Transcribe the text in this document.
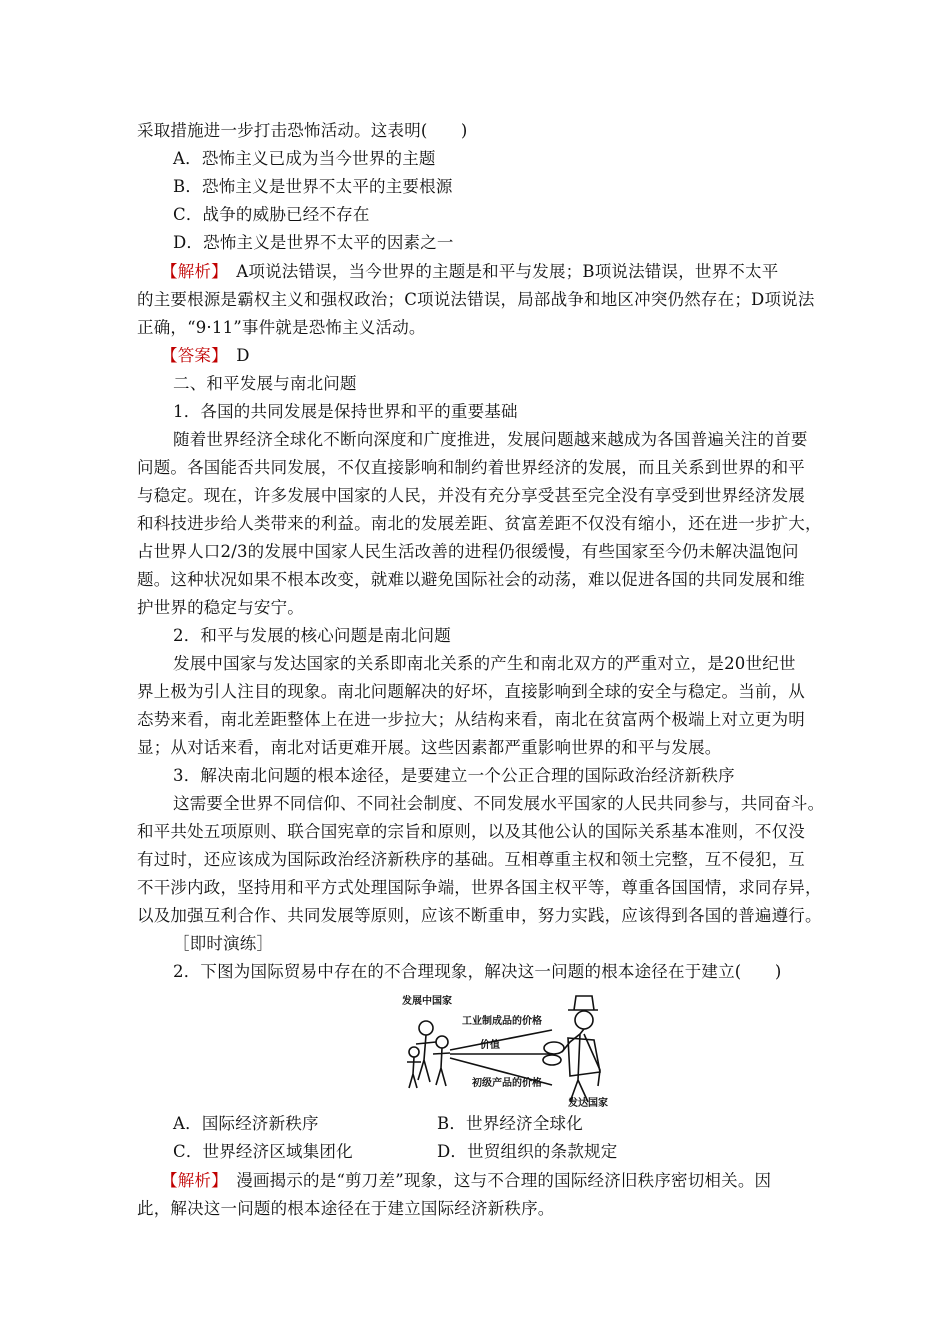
采取措施进一步打击恐怖活动。这表明(　　)
A．恐怖主义已成为当今世界的主题
B．恐怖主义是世界不太平的主要根源
C．战争的威胁已经不存在
D．恐怖主义是世界不太平的因素之一
【解析】　A项说法错误，当今世界的主题是和平与发展；B项说法错误，世界不太平
的主要根源是霸权主义和强权政治；C项说法错误，局部战争和地区冲突仍然存在；D项说法
正确，“9·11”事件就是恐怖主义活动。
【答案】　D
二、和平发展与南北问题
1．各国的共同发展是保持世界和平的重要基础
随着世界经济全球化不断向深度和广度推进，发展问题越来越成为各国普遍关注的首要
问题。各国能否共同发展，不仅直接影响和制约着世界经济的发展，而且关系到世界的和平
与稳定。现在，许多发展中国家的人民，并没有充分享受甚至完全没有享受到世界经济发展
和科技进步给人类带来的利益。南北的发展差距、贫富差距不仅没有缩小，还在进一步扩大，
占世界人口2/3的发展中国家人民生活改善的进程仍很缓慢，有些国家至今仍未解决温饱问
题。这种状况如果不根本改变，就难以避免国际社会的动荡，难以促进各国的共同发展和维
护世界的稳定与安宁。
2．和平与发展的核心问题是南北问题
发展中国家与发达国家的关系即南北关系的产生和南北双方的严重对立，是20世纪世
界上极为引人注目的现象。南北问题解决的好坏，直接影响到全球的安全与稳定。当前，从
态势来看，南北差距整体上在进一步拉大；从结构来看，南北在贫富两个极端上对立更为明
显；从对话来看，南北对话更难开展。这些因素都严重影响世界的和平与发展。
3．解决南北问题的根本途径，是要建立一个公正合理的国际政治经济新秩序
这需要全世界不同信仰、不同社会制度、不同发展水平国家的人民共同参与，共同奋斗。
和平共处五项原则、联合国宪章的宗旨和原则，以及其他公认的国际关系基本准则，不仅没
有过时，还应该成为国际政治经济新秩序的基础。互相尊重主权和领土完整，互不侵犯，互
不干涉内政，坚持用和平方式处理国际争端，世界各国主权平等，尊重各国国情，求同存异，
以及加强互利合作、共同发展等原则，应该不断重申，努力实践，应该得到各国的普遍遵行。
［即时演练］
2．下图为国际贸易中存在的不合理现象，解决这一问题的根本途径在于建立(　　)
发展中国家
工业制成品的价格
价值
初级产品的价格
发达国家
A．国际经济新秩序	B．世界经济全球化
C．世界经济区域集团化	D．世贸组织的条款规定
【解析】　漫画揭示的是“剪刀差”现象，这与不合理的国际经济旧秩序密切相关。因
此，解决这一问题的根本途径在于建立国际经济新秩序。
